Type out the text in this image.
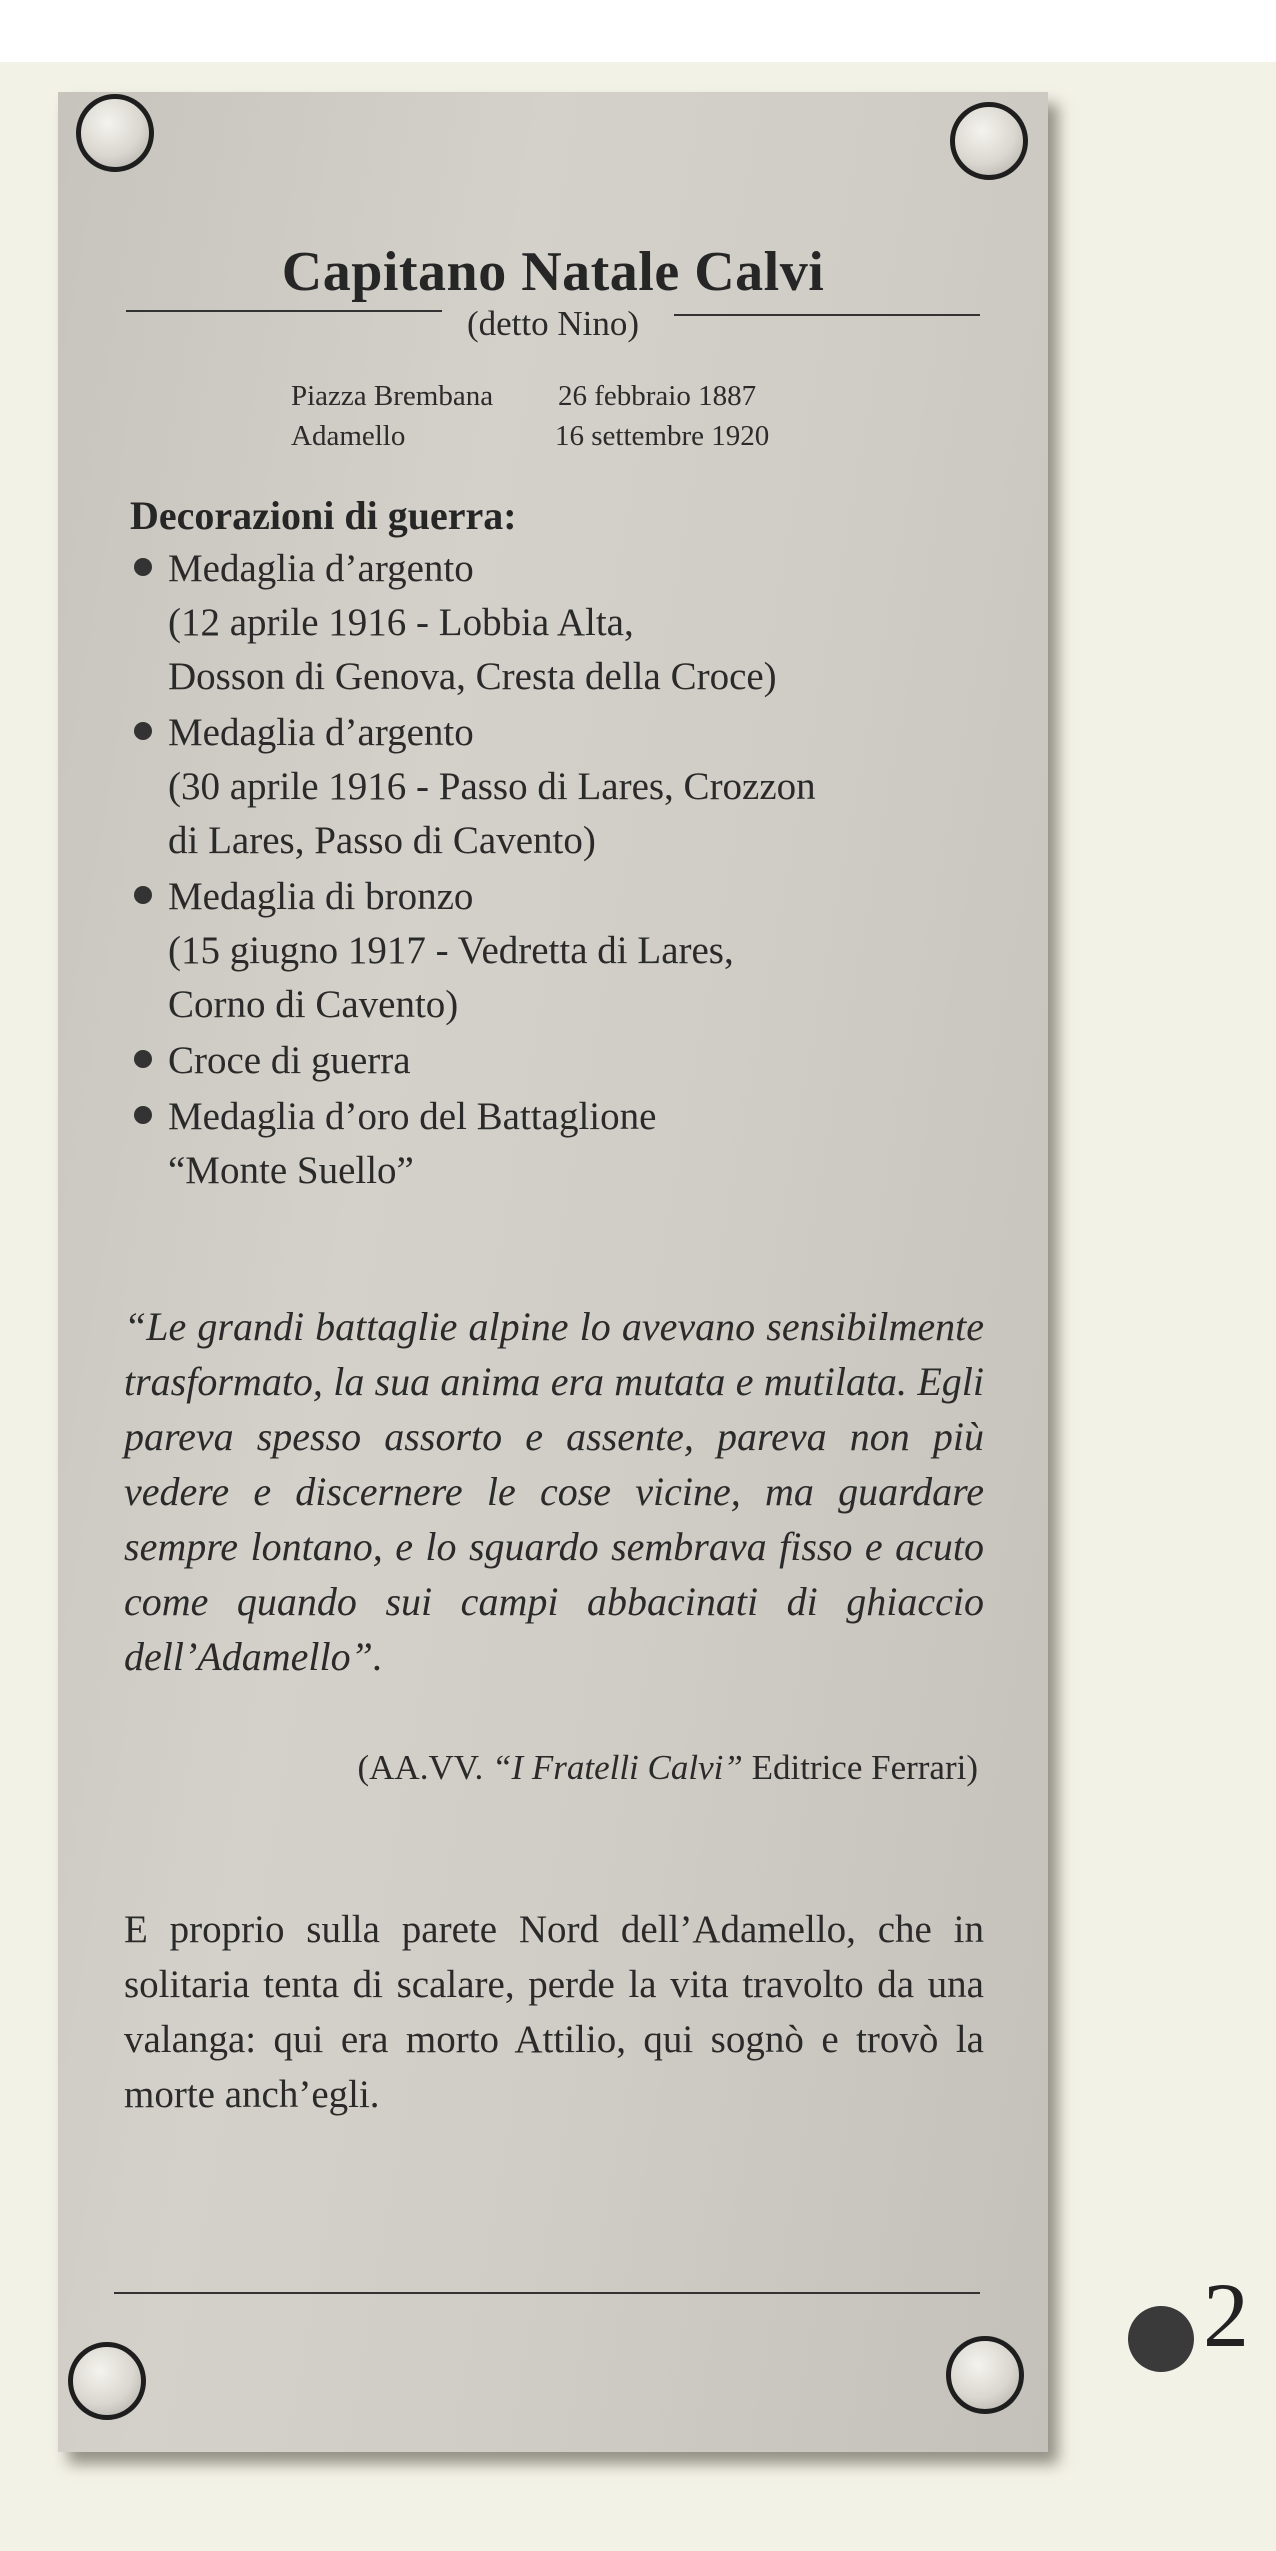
Capitano Natale Calvi
(detto Nino)
Piazza Brembana 26 febbraio 1887
Adamello	16 settembre 1920
Decorazioni di guerra:
Medaglia d’argento
(12 aprile 1916 - Lobbia Alta,
Dosson di Genova, Cresta della Croce)
Medaglia d’argento
(30 aprile 1916 - Passo di Lares, Crozzon
di Lares, Passo di Cavento)
Medaglia di bronzo
(15 giugno 1917 - Vedretta di Lares,
Corno di Cavento)
Croce di guerra
Medaglia d’oro del Battaglione
“Monte Suello”
“Le grandi battaglie alpine lo avevano sensibilmente trasformato, la sua anima era mutata e mutilata. Egli pareva spesso assorto e assente, pareva non più vedere e discernere le cose vicine, ma guardare sempre lontano, e lo sguardo sembrava fisso e acuto come quando sui campi abbacinati di ghiaccio dell’Adamello”.
(AA.VV. “I Fratelli Calvi” Editrice Ferrari)
E proprio sulla parete Nord dell’Adamello, che in solitaria tenta di scalare, perde la vita travolto da una valanga: qui era morto Attilio, qui sognò e trovò la morte anch’egli.
2
